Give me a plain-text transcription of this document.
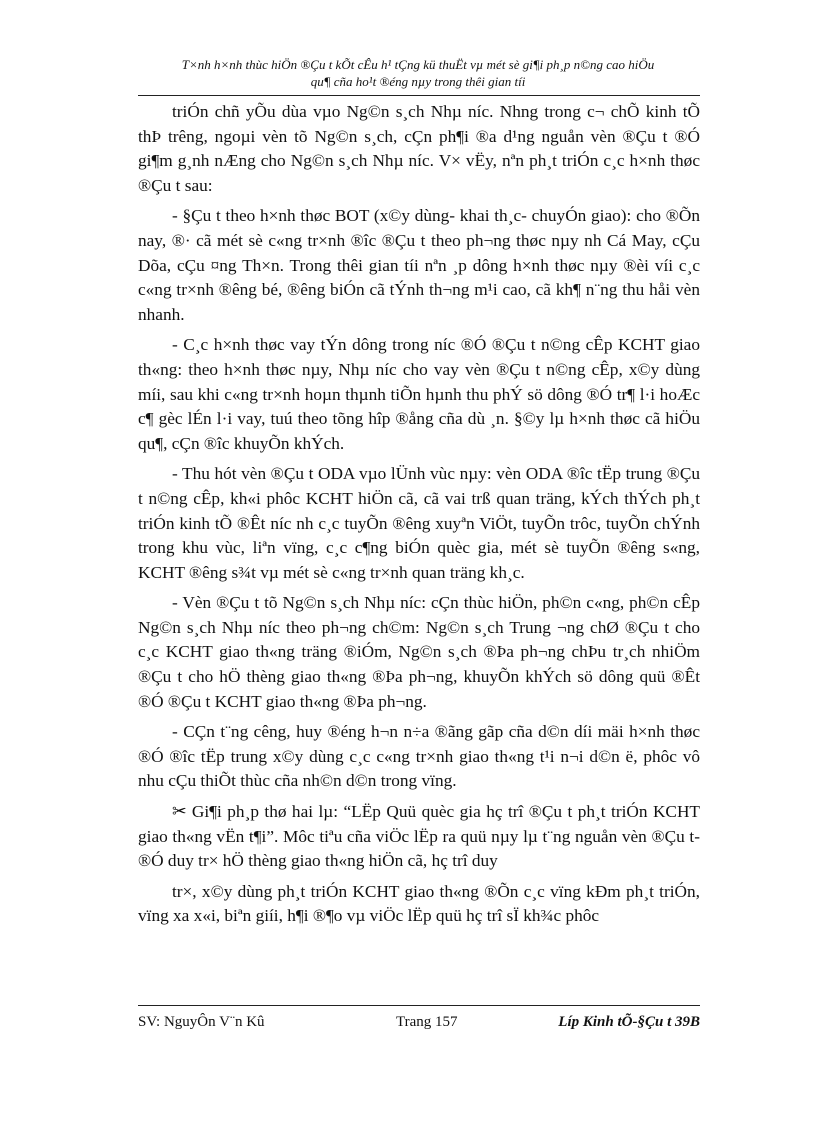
T×nh h×nh thùc hiÖn ®Çu t kÕt cÊu h¹ tÇng kü thuËt vµ mét sè gi¶i ph¸p n©ng cao hiÖu
qu¶ cña ho¹t ®éng nµy trong thêi gian tíi

triÓn chñ yÕu dùa vµo Ng©n s¸ch Nhµ níc. Nhng trong c¬ chÕ kinh tÕ thÞ trêng, ngoµi vèn tõ Ng©n s¸ch, cÇn ph¶i ®a d¹ng nguån vèn ®Çu t ®Ó gi¶m g¸nh nÆng cho Ng©n s¸ch Nhµ níc. V× vËy, nªn ph¸t triÓn c¸c h×nh thøc ®Çu t sau:

- §Çu t theo h×nh thøc BOT (x©y dùng- khai th¸c- chuyÓn giao): cho ®Õn nay, ®· cã mét sè c«ng tr×nh ®îc ®Çu t theo ph¬ng thøc nµy nh Cá May, cÇu Dõa, cÇu ¤ng Th×n. Trong thêi gian tíi nªn ¸p dông h×nh thøc nµy ®èi víi c¸c c«ng tr×nh ®êng bé, ®êng biÓn cã tÝnh th¬ng m¹i cao, cã kh¶ n¨ng thu håi vèn nhanh.

- C¸c h×nh thøc vay tÝn dông trong níc ®Ó ®Çu t n©ng cÊp KCHT giao th«ng: theo h×nh thøc nµy, Nhµ níc cho vay vèn ®Çu t n©ng cÊp, x©y dùng míi, sau khi c«ng tr×nh hoµn thµnh tiÕn hµnh thu phÝ sö dông ®Ó tr¶ l·i hoÆc c¶ gèc lÉn l·i vay, tuú theo tõng hîp ®ång cña dù ¸n. §©y lµ h×nh thøc cã hiÖu qu¶, cÇn ®îc khuyÕn khÝch.

- Thu hót vèn ®Çu t ODA vµo lÜnh vùc nµy: vèn ODA ®îc tËp trung ®Çu t n©ng cÊp, kh«i phôc KCHT hiÖn cã, cã vai trß quan träng, kÝch thÝch ph¸t triÓn kinh tÕ ®Êt níc nh c¸c tuyÕn ®êng xuyªn ViÖt, tuyÕn trôc, tuyÕn chÝnh trong khu vùc, liªn vïng, c¸c c¶ng biÓn quèc gia, mét sè tuyÕn ®êng s«ng, KCHT ®êng s¾t vµ mét sè c«ng tr×nh quan träng kh¸c.

- Vèn ®Çu t tõ Ng©n s¸ch Nhµ níc: cÇn thùc hiÖn, ph©n c«ng, ph©n cÊp Ng©n s¸ch Nhµ níc theo ph¬ng ch©m: Ng©n s¸ch Trung ¬ng chØ ®Çu t cho c¸c KCHT giao th«ng träng ®iÓm, Ng©n s¸ch ®Þa ph¬ng chÞu tr¸ch nhiÖm ®Çu t cho hÖ thèng giao th«ng ®Þa ph¬ng, khuyÕn khÝch sö dông quü ®Êt ®Ó ®Çu t KCHT giao th«ng ®Þa ph¬ng.

- CÇn t¨ng cêng, huy ®éng h¬n n÷a ®ãng gãp cña d©n díi mäi h×nh thøc ®Ó ®îc tËp trung x©y dùng c¸c c«ng tr×nh giao th«ng t¹i n¬i d©n ë, phôc vô nhu cÇu thiÕt thùc cña nh©n d©n trong vïng.

✂ Gi¶i ph¸p thø hai lµ: “LËp Quü quèc gia hç trî ®Çu t ph¸t triÓn KCHT giao th«ng vËn t¶i”. Môc tiªu cña viÖc lËp ra quü nµy lµ t¨ng nguån vèn ®Çu t ®Ó duy tr× hÖ thèng giao th«ng hiÖn cã, hç trî duy

tr×, x©y dùng ph¸t triÓn KCHT giao th«ng ®Õn c¸c vïng kÐm ph¸t triÓn, vïng xa x«i, biªn giíi, h¶i ®¶o vµ viÖc lËp quü hç trî sÏ kh¾c phôc

SV: NguyÔn V¨n Kû	Trang 157	Líp Kinh tÕ-§Çu t 39B
